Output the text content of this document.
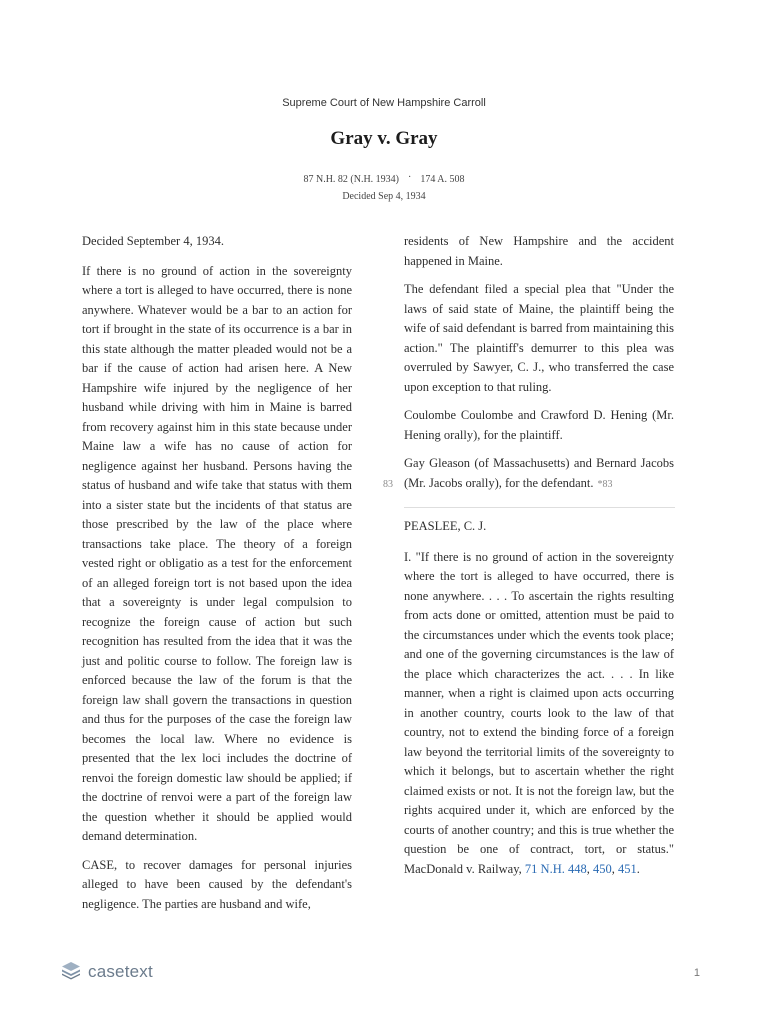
Supreme Court of New Hampshire Carroll
Gray v. Gray
87 N.H. 82 (N.H. 1934) · 174 A. 508
Decided Sep 4, 1934

Decided September 4, 1934.

If there is no ground of action in the sovereignty where a tort is alleged to have occurred, there is none anywhere. Whatever would be a bar to an action for tort if brought in the state of its occurrence is a bar in this state although the matter pleaded would not be a bar if the cause of action had arisen here. A New Hampshire wife injured by the negligence of her husband while driving with him in Maine is barred from recovery against him in this state because under Maine law a wife has no cause of action for negligence against her husband. Persons having the status of husband and wife take that status with them into a sister state but the incidents of that status are those prescribed by the law of the place where transactions take place. The theory of a foreign vested right or obligatio as a test for the enforcement of an alleged foreign tort is not based upon the idea that a sovereignty is under legal compulsion to recognize the foreign cause of action but such recognition has resulted from the idea that it was the just and politic course to follow. The foreign law is enforced because the law of the forum is that the foreign law shall govern the transactions in question and thus for the purposes of the case the foreign law becomes the local law. Where no evidence is presented that the lex loci includes the doctrine of renvoi the foreign domestic law should be applied; if the doctrine of renvoi were a part of the foreign law the question whether it should be applied would demand determination.

CASE, to recover damages for personal injuries alleged to have been caused by the defendant's negligence. The parties are husband and wife,

residents of New Hampshire and the accident happened in Maine.

The defendant filed a special plea that "Under the laws of said state of Maine, the plaintiff being the wife of said defendant is barred from maintaining this action." The plaintiff's demurrer to this plea was overruled by Sawyer, C. J., who transferred the case upon exception to that ruling.

Coulombe Coulombe and Crawford D. Hening (Mr. Hening orally), for the plaintiff.

Gay Gleason (of Massachusetts) and Bernard Jacobs (Mr. Jacobs orally), for the defendant. *83

83

PEASLEE, C. J.

I. "If there is no ground of action in the sovereignty where the tort is alleged to have occurred, there is none anywhere. . . . To ascertain the rights resulting from acts done or omitted, attention must be paid to the circumstances under which the events took place; and one of the governing circumstances is the law of the place which characterizes the act. . . . In like manner, when a right is claimed upon acts occurring in another country, courts look to the law of that country, not to extend the binding force of a foreign law beyond the territorial limits of the sovereignty to which it belongs, but to ascertain whether the right claimed exists or not. It is not the foreign law, but the rights acquired under it, which are enforced by the courts of another country; and this is true whether the question be one of contract, tort, or status." MacDonald v. Railway, 71 N.H. 448, 450, 451.

casetext	1
